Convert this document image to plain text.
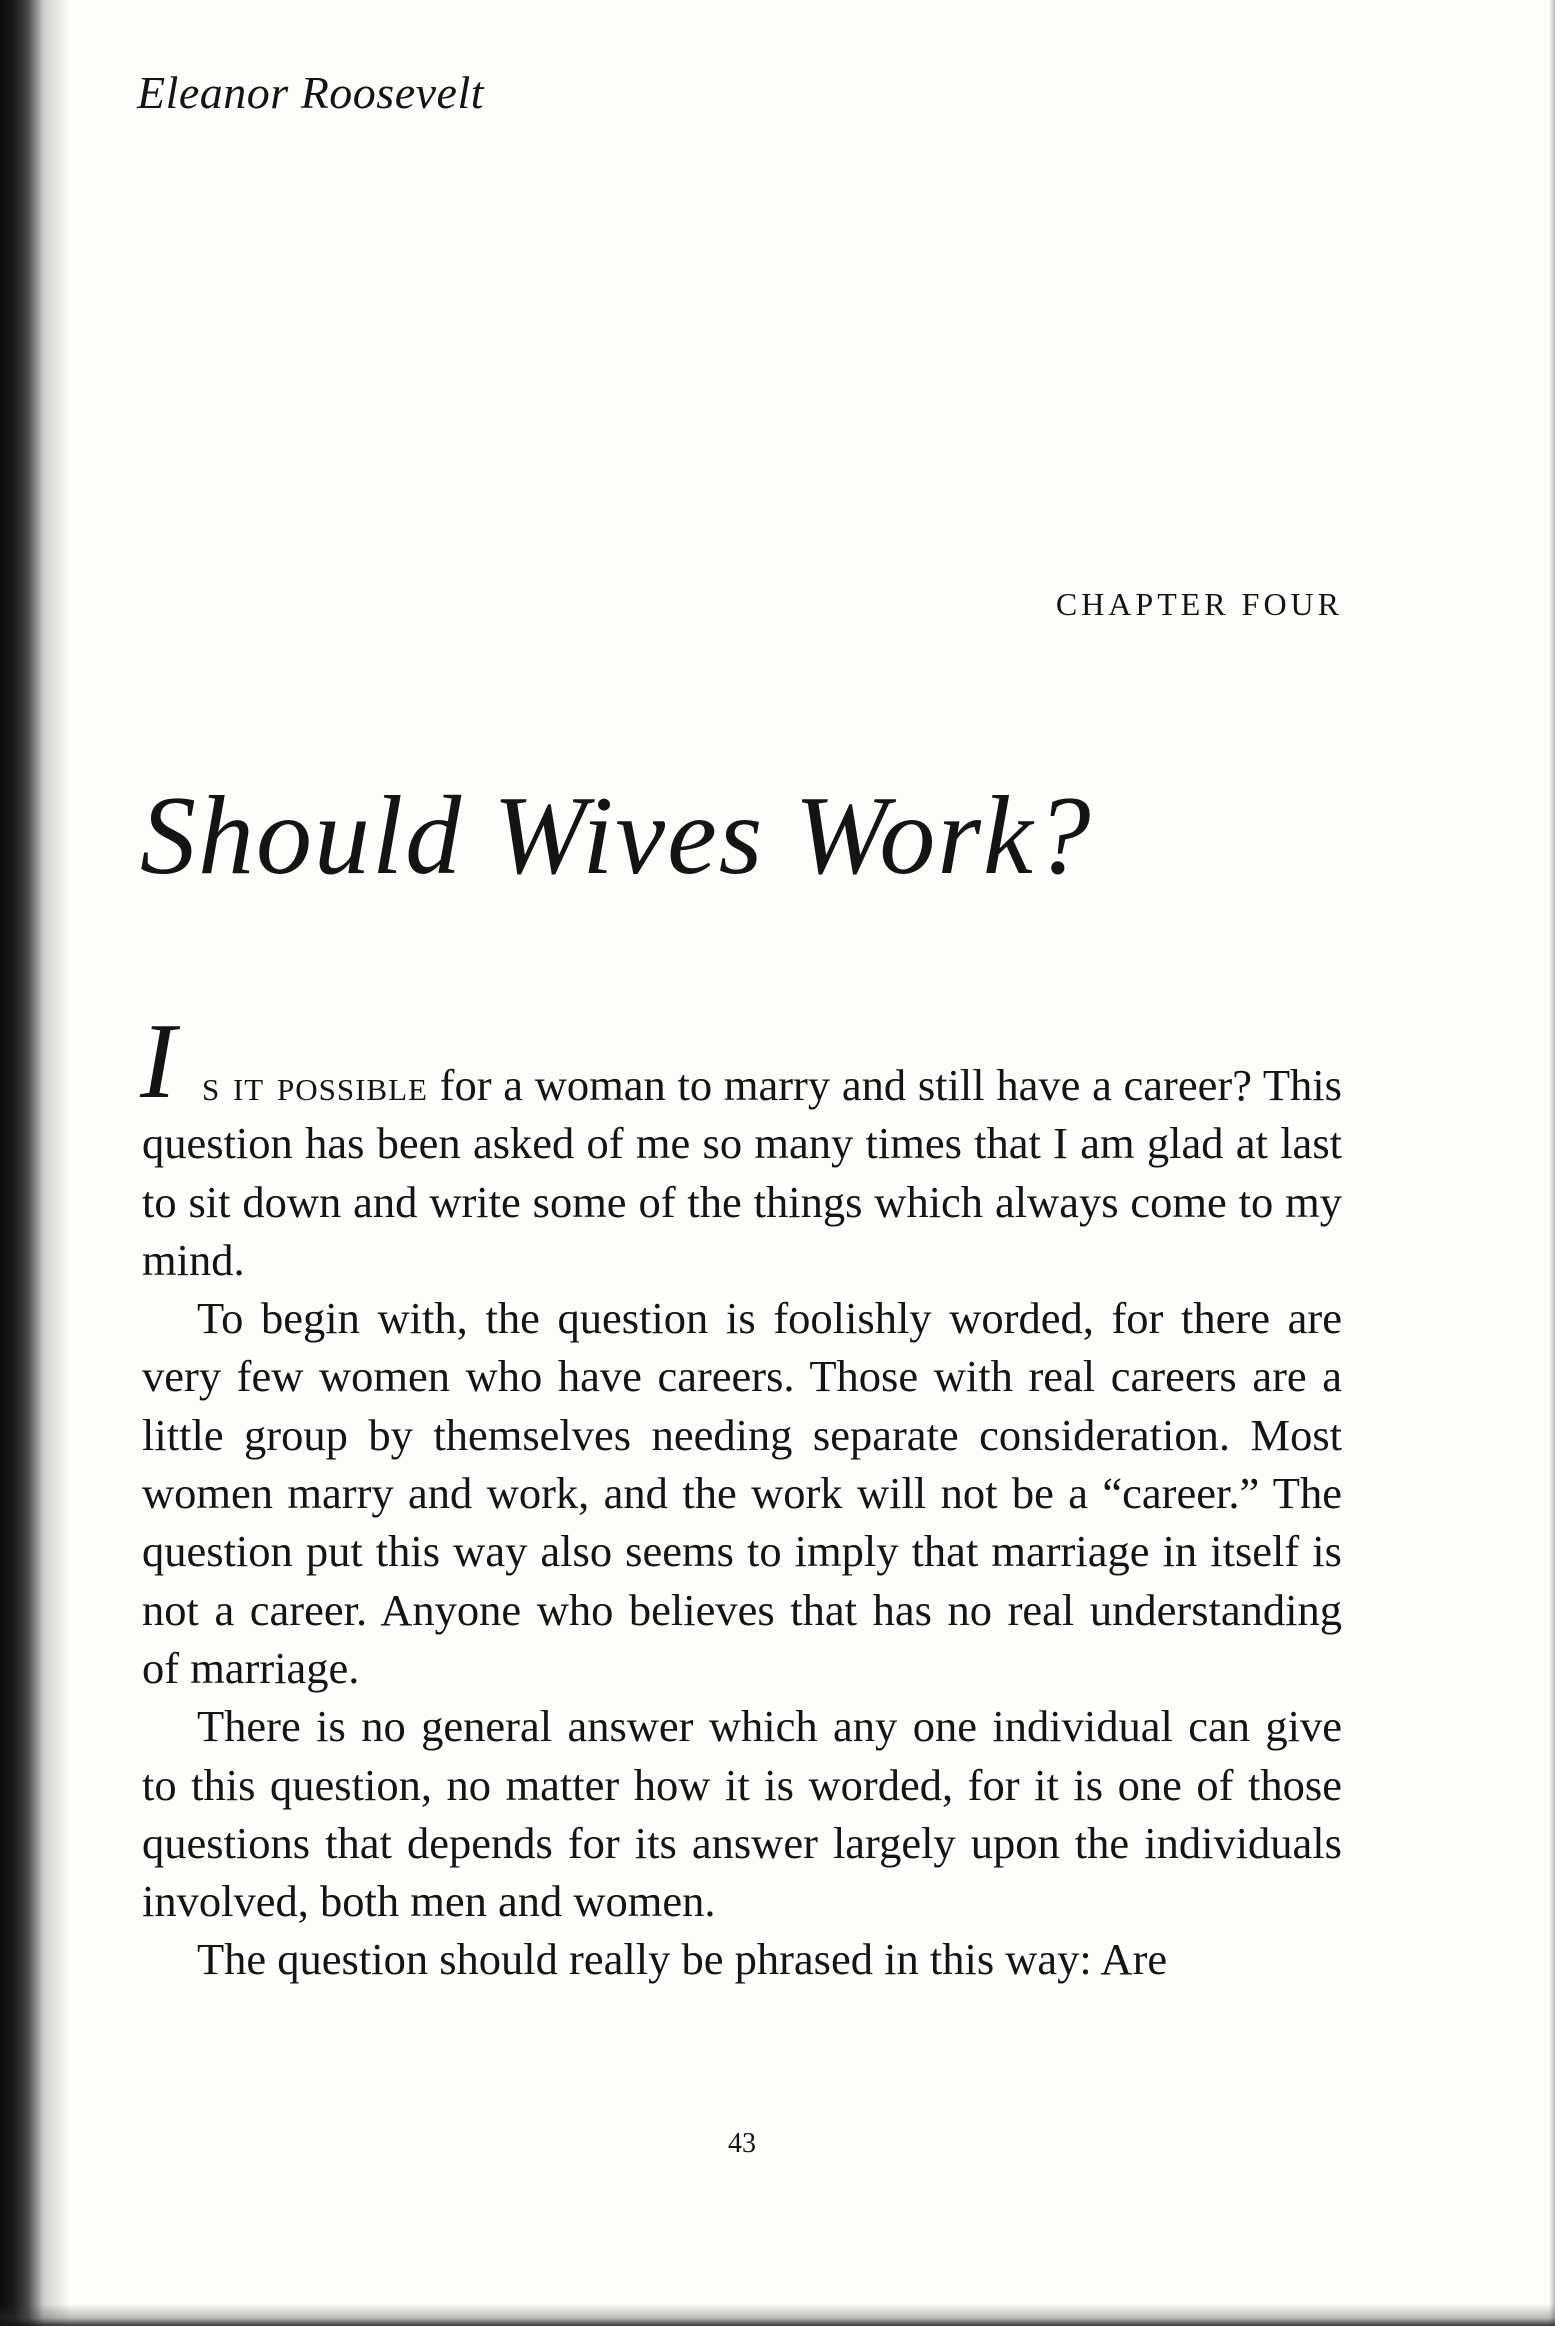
Eleanor Roosevelt

CHAPTER FOUR

Should Wives Work?
I s it possible for a woman to marry and still have a career? This question has been asked of me so many times that I am glad at last to sit down and write some of the things which always come to my mind.

To begin with, the question is foolishly worded, for there are very few women who have careers. Those with real careers are a little group by themselves needing separate consideration. Most women marry and work, and the work will not be a “career.” The question put this way also seems to imply that marriage in itself is not a career. Anyone who believes that has no real understanding of marriage.

There is no general answer which any one individual can give to this question, no matter how it is worded, for it is one of those questions that depends for its answer largely upon the individuals involved, both men and women.

The question should really be phrased in this way: Are

43
